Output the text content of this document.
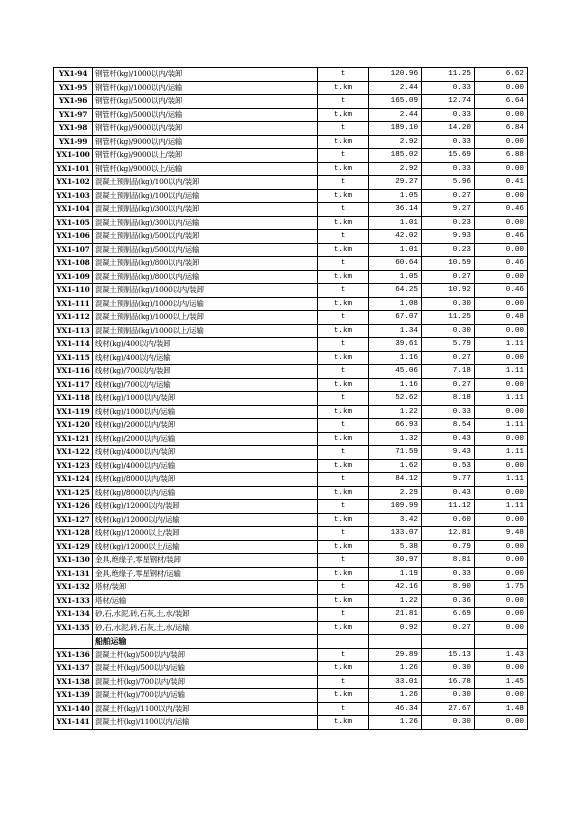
YX1-94	钢管杆(kg)/1000以内/装卸	t	120.96	11.25	6.62
YX1-95	钢管杆(kg)/1000以内/运输	t.km	2.44	0.33	0.00
YX1-96	钢管杆(kg)/5000以内/装卸	t	165.09	12.74	6.64
YX1-97	钢管杆(kg)/5000以内/运输	t.km	2.44	0.33	0.00
YX1-98	钢管杆(kg)/9000以内/装卸	t	189.10	14.20	6.84
YX1-99	钢管杆(kg)/9000以内/运输	t.km	2.92	0.33	0.00
YX1-100	钢管杆(kg)/9000以上/装卸	t	185.02	15.69	6.88
YX1-101	钢管杆(kg)/9000以上/运输	t.km	2.92	0.33	0.00
YX1-102	混凝土预制品(kg)/100以内/装卸	t	29.27	5.96	0.41
YX1-103	混凝土预制品(kg)/100以内/运输	t.km	1.05	0.27	0.00
YX1-104	混凝土预制品(kg)/300以内/装卸	t	36.14	9.27	0.46
YX1-105	混凝土预制品(kg)/300以内/运输	t.km	1.01	0.23	0.00
YX1-106	混凝土预制品(kg)/500以内/装卸	t	42.02	9.93	0.46
YX1-107	混凝土预制品(kg)/500以内/运输	t.km	1.01	0.23	0.00
YX1-108	混凝土预制品(kg)/800以内/装卸	t	60.64	10.59	0.46
YX1-109	混凝土预制品(kg)/800以内/运输	t.km	1.05	0.27	0.00
YX1-110	混凝土预制品(kg)/1000以内/装卸	t	64.25	10.92	0.46
YX1-111	混凝土预制品(kg)/1000以内/运输	t.km	1.08	0.30	0.00
YX1-112	混凝土预制品(kg)/1000以上/装卸	t	67.07	11.25	0.48
YX1-113	混凝土预制品(kg)/1000以上/运输	t.km	1.34	0.30	0.00
YX1-114	线材(kg)/400以内/装卸	t	39.61	5.79	1.11
YX1-115	线材(kg)/400以内/运输	t.km	1.16	0.27	0.00
YX1-116	线材(kg)/700以内/装卸	t	45.06	7.18	1.11
YX1-117	线材(kg)/700以内/运输	t.km	1.16	0.27	0.00
YX1-118	线材(kg)/1000以内/装卸	t	52.62	8.18	1.11
YX1-119	线材(kg)/1000以内/运输	t.km	1.22	0.33	0.00
YX1-120	线材(kg)/2000以内/装卸	t	66.93	8.54	1.11
YX1-121	线材(kg)/2000以内/运输	t.km	1.32	0.43	0.00
YX1-122	线材(kg)/4000以内/装卸	t	71.59	9.43	1.11
YX1-123	线材(kg)/4000以内/运输	t.km	1.62	0.53	0.00
YX1-124	线材(kg)/8000以内/装卸	t	84.12	9.77	1.11
YX1-125	线材(kg)/8000以内/运输	t.km	2.29	0.43	0.00
YX1-126	线材(kg)/12000以内/装卸	t	109.99	11.12	1.11
YX1-127	线材(kg)/12000以内/运输	t.km	3.42	0.60	0.00
YX1-128	线材(kg)/12000以上/装卸	t	133.07	12.81	9.48
YX1-129	线材(kg)/12000以上/运输	t.km	5.38	0.79	0.00
YX1-130	金具,绝缘子,零星钢材/装卸	t	30.97	8.81	0.00
YX1-131	金具,绝缘子,零星钢材/运输	t.km	1.19	0.33	0.00
YX1-132	塔材/装卸	t	42.16	8.90	1.75
YX1-133	塔材/运输	t.km	1.22	0.36	0.00
YX1-134	砂,石,水泥,砖,石灰,土,水/装卸	t	21.81	6.69	0.00
YX1-135	砂,石,水泥,砖,石灰,土,水/运输	t.km	0.92	0.27	0.00
	船舶运输				
YX1-136	混凝土杆(kg)/500以内/装卸	t	29.89	15.13	1.43
YX1-137	混凝土杆(kg)/500以内/运输	t.km	1.26	0.30	0.00
YX1-138	混凝土杆(kg)/700以内/装卸	t	33.01	16.78	1.45
YX1-139	混凝土杆(kg)/700以内/运输	t.km	1.26	0.30	0.00
YX1-140	混凝土杆(kg)/1100以内/装卸	t	46.34	27.67	1.48
YX1-141	混凝土杆(kg)/1100以内/运输	t.km	1.26	0.30	0.00
